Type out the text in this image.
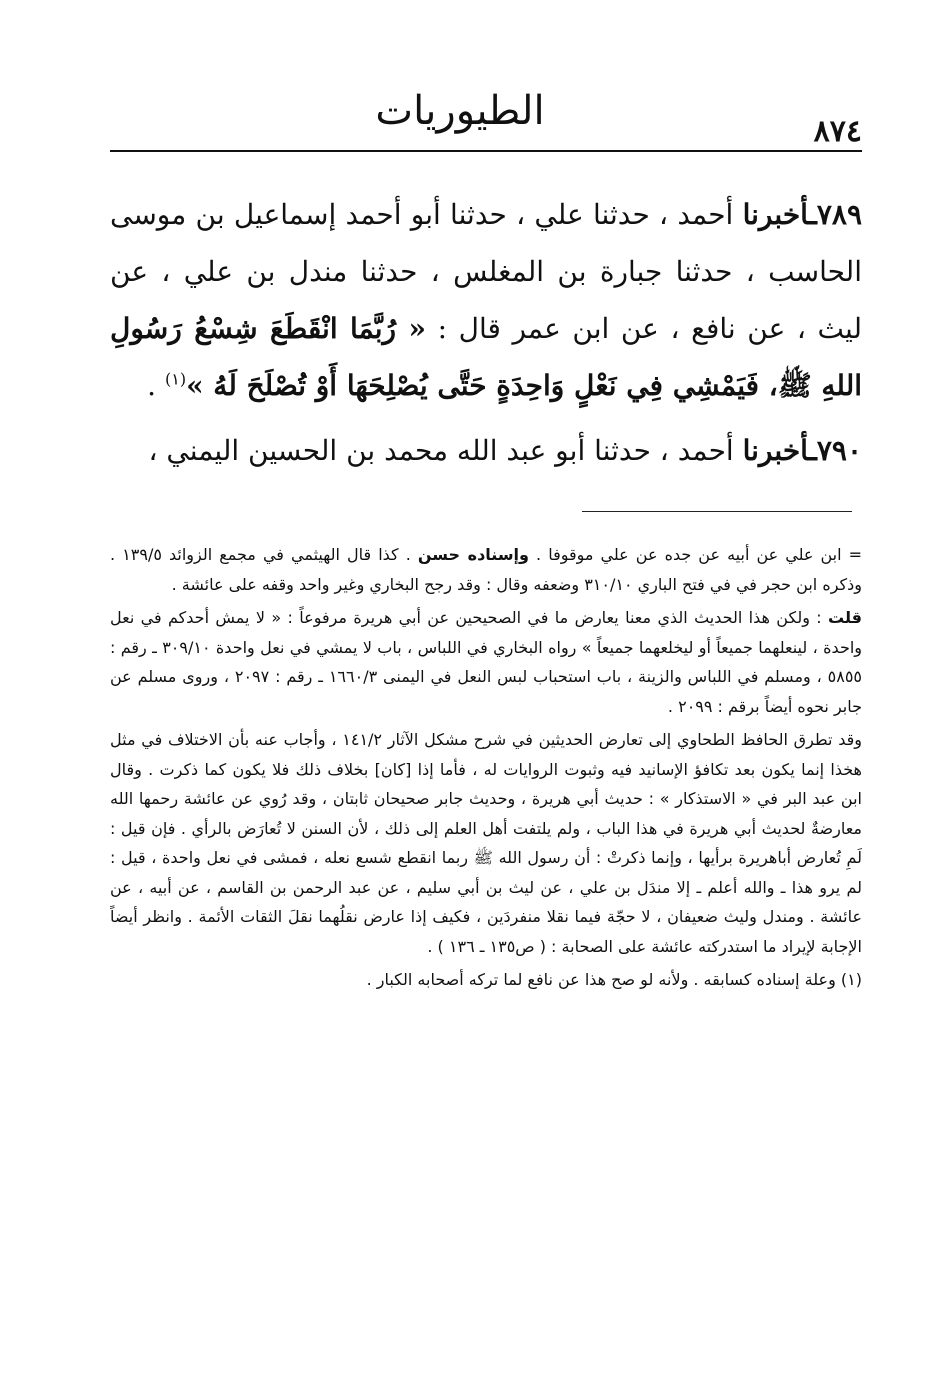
٨٧٤
الطيوريات

٧٨٩ـأخبرنا أحمد ، حدثنا علي ، حدثنا أبو أحمد إسماعيل بن موسى الحاسب ، حدثنا جبارة بن المغلس ، حدثنا مندل بن علي ، عن ليث ، عن نافع ، عن ابن عمر قال : « رُبَّمَا انْقَطَعَ شِسْعُ رَسُولِ اللهِ ﷺ، فَيَمْشِي فِي نَعْلٍ وَاحِدَةٍ حَتَّى يُصْلِحَهَا أَوْ تُصْلَحَ لَهُ »$^{(١)}$ .

٧٩٠ـأخبرنا أحمد ، حدثنا أبو عبد الله محمد بن الحسين اليمني ،

= ابن علي عن أبيه عن جده عن علي موقوفا . وإسناده حسن . كذا قال الهيثمي في مجمع الزوائد ١٣٩/٥ . وذكره ابن حجر في في فتح الباري ٣١٠/١٠ وضعفه وقال : وقد رجح البخاري وغير واحد وقفه على عائشة .

قلت : ولكن هذا الحديث الذي معنا يعارض ما في الصحيحين عن أبي هريرة مرفوعاً : « لا يمش أحدكم في نعل واحدة ، لينعلهما جميعاً أو ليخلعهما جميعاً » رواه البخاري في اللباس ، باب لا يمشي في نعل واحدة ٣٠٩/١٠ ـ رقم : ٥٨٥٥ ، ومسلم في اللباس والزينة ، باب استحباب لبس النعل في اليمنى ١٦٦٠/٣ ـ رقم : ٢٠٩٧ ، وروى مسلم عن جابر نحوه أيضاً برقم : ٢٠٩٩ .

وقد تطرق الحافظ الطحاوي إلى تعارض الحديثين في شرح مشكل الآثار ١٤١/٢ ، وأجاب عنه بأن الاختلاف في مثل هخذا إنما يكون بعد تكافؤ الإسانيد فيه وثبوت الروايات له ، فأما إذا [كان] بخلاف ذلك فلا يكون كما ذكرت . وقال ابن عبد البر في « الاستذكار » : حديث أبي هريرة ، وحديث جابر صحيحان ثابتان ، وقد رُوي عن عائشة رحمها الله معارضةٌ لحديث أبي هريرة في هذا الباب ، ولم يلتفت أهل العلم إلى ذلك ، لأن السنن لا تُعارَض بالرأي . فإن قيل : لَمِ تُعارض أباهريرة برأيها ، وإنما ذكرتْ : أن رسول الله ﷺ ربما انقطع شسع نعله ، فمشى في نعل واحدة ، قيل : لم يرو هذا ـ والله أعلم ـ إلا مندَل بن علي ، عن ليث بن أبي سليم ، عن عبد الرحمن بن القاسم ، عن أبيه ، عن عائشة . ومندل وليث ضعيفان ، لا حجّة فيما نقلا منفردَين ، فكيف إذا عارض نقلُهما نقلَ الثقات الأئمة . وانظر أيضاً الإجابة لإيراد ما استدركته عائشة على الصحابة : ( ص١٣٥ ـ ١٣٦ ) .

(١) وعلة إسناده كسابقه . ولأنه لو صح هذا عن نافع لما تركه أصحابه الكبار .
